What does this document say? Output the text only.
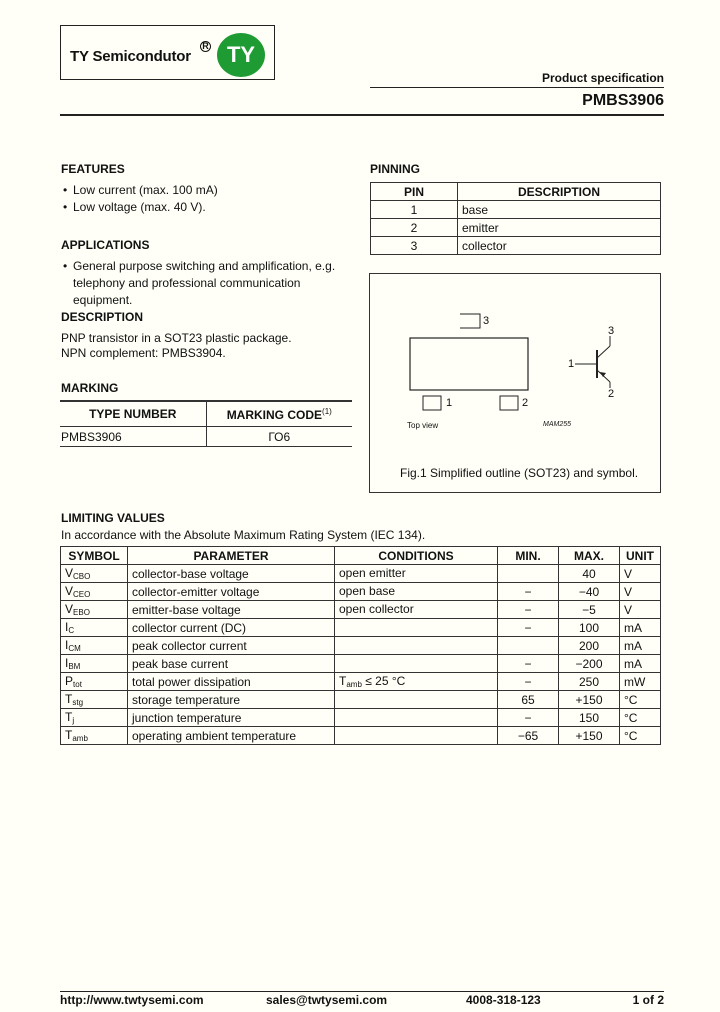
TY Semicondutor
R TY
Product specification
PMBS3906
FEATURES
• Low current (max. 100 mA)
• Low voltage (max. 40 V).
APPLICATIONS
• General purpose switching and amplification, e.g. telephony and professional communication equipment.
DESCRIPTION
PNP transistor in a SOT23 plastic package.
NPN complement: PMBS3904.
MARKING
TYPE NUMBER	MARKING CODE$^{(1)}$
PMBS3906	ГО6
PINNING
PIN	DESCRIPTION
1	base
2	emitter
3	collector
3
1	2
1
3
2
Top view	MAM255
Fig.1 Simplified outline (SOT23) and symbol.
LIMITING VALUES
In accordance with the Absolute Maximum Rating System (IEC 134).
SYMBOL	PARAMETER	CONDITIONS	MIN.	MAX.	UNIT
$V_{CBO}$	collector-base voltage	open emitter		40	V
$V_{CEO}$	collector-emitter voltage	open base	−	−40	V
$V_{EBO}$	emitter-base voltage	open collector	−	−5	V
$I_C$	collector current (DC)		−	100	mA
$I_{CM}$	peak collector current			200	mA
$I_{BM}$	peak base current		−	−200	mA
$P_{tot}$	total power dissipation	$T_{amb} \le 25$ °C	−	250	mW
$T_{stg}$	storage temperature		65	+150	°C
$T_j$	junction temperature		−	150	°C
$T_{amb}$	operating ambient temperature		−65	+150	°C
http://www.twtysemi.com	sales@twtysemi.com	4008-318-123	1 of 2
